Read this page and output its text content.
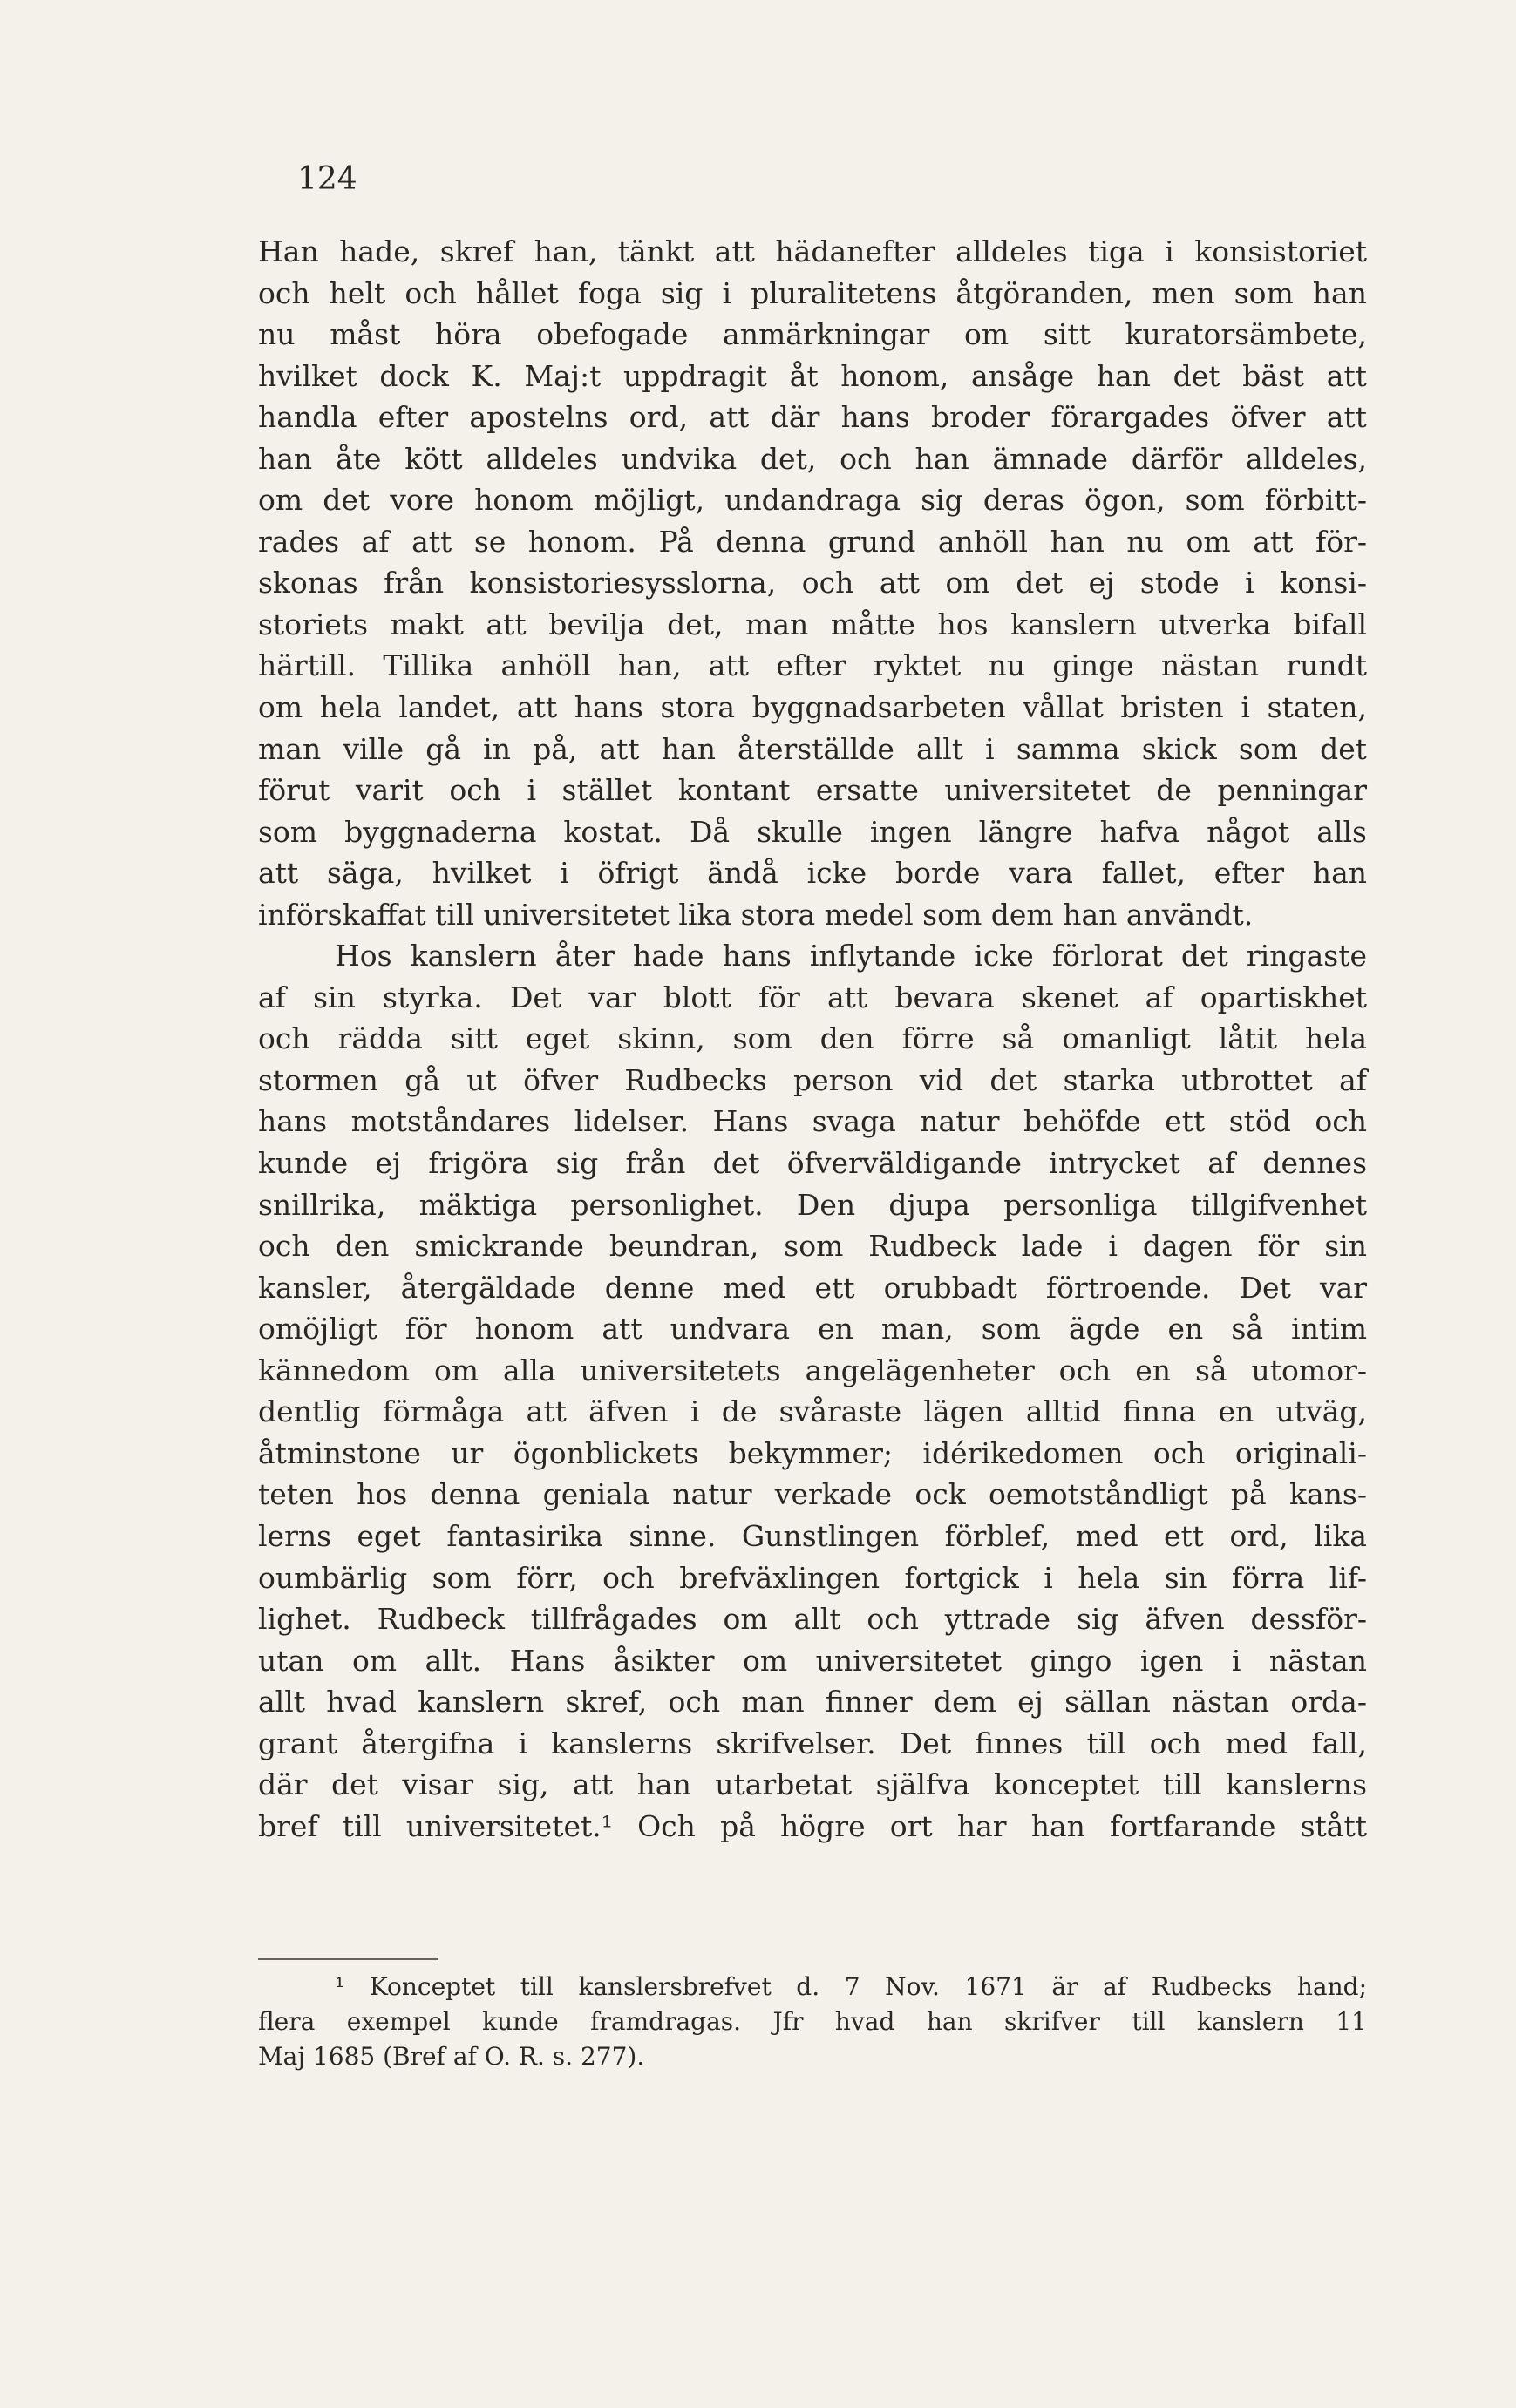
124
Han hade, skref han, tänkt att hädanefter alldeles tiga i konsistoriet
och helt och hållet foga sig i pluralitetens åtgöranden, men som han
nu måst höra obefogade anmärkningar om sitt kuratorsämbete,
hvilket dock K. Maj:t uppdragit åt honom, ansåge han det bäst att
handla efter apostelns ord, att där hans broder förargades öfver att
han åte kött alldeles undvika det, och han ämnade därför alldeles,
om det vore honom möjligt, undandraga sig deras ögon, som förbitt-
rades af att se honom. På denna grund anhöll han nu om att för-
skonas från konsistoriesysslorna, och att om det ej stode i konsi-
storiets makt att bevilja det, man måtte hos kanslern utverka bifall
härtill. Tillika anhöll han, att efter ryktet nu ginge nästan rundt
om hela landet, att hans stora byggnadsarbeten vållat bristen i staten,
man ville gå in på, att han återställde allt i samma skick som det
förut varit och i stället kontant ersatte universitetet de penningar
som byggnaderna kostat. Då skulle ingen längre hafva något alls
att säga, hvilket i öfrigt ändå icke borde vara fallet, efter han
införskaffat till universitetet lika stora medel som dem han användt.
Hos kanslern åter hade hans inflytande icke förlorat det ringaste
af sin styrka. Det var blott för att bevara skenet af opartiskhet
och rädda sitt eget skinn, som den förre så omanligt låtit hela
stormen gå ut öfver Rudbecks person vid det starka utbrottet af
hans motståndares lidelser. Hans svaga natur behöfde ett stöd och
kunde ej frigöra sig från det öfverväldigande intrycket af dennes
snillrika, mäktiga personlighet. Den djupa personliga tillgifvenhet
och den smickrande beundran, som Rudbeck lade i dagen för sin
kansler, återgäldade denne med ett orubbadt förtroende. Det var
omöjligt för honom att undvara en man, som ägde en så intim
kännedom om alla universitetets angelägenheter och en så utomor-
dentlig förmåga att äfven i de svåraste lägen alltid finna en utväg,
åtminstone ur ögonblickets bekymmer; idérikedomen och originali-
teten hos denna geniala natur verkade ock oemotståndligt på kans-
lerns eget fantasirika sinne. Gunstlingen förblef, med ett ord, lika
oumbärlig som förr, och brefväxlingen fortgick i hela sin förra lif-
lighet. Rudbeck tillfrågades om allt och yttrade sig äfven dessför-
utan om allt. Hans åsikter om universitetet gingo igen i nästan
allt hvad kanslern skref, och man finner dem ej sällan nästan orda-
grant återgifna i kanslerns skrifvelser. Det finnes till och med fall,
där det visar sig, att han utarbetat själfva konceptet till kanslerns
bref till universitetet.¹ Och på högre ort har han fortfarande stått
¹ Konceptet till kanslersbrefvet d. 7 Nov. 1671 är af Rudbecks hand;
flera exempel kunde framdragas. Jfr hvad han skrifver till kanslern 11
Maj 1685 (Bref af O. R. s. 277).
